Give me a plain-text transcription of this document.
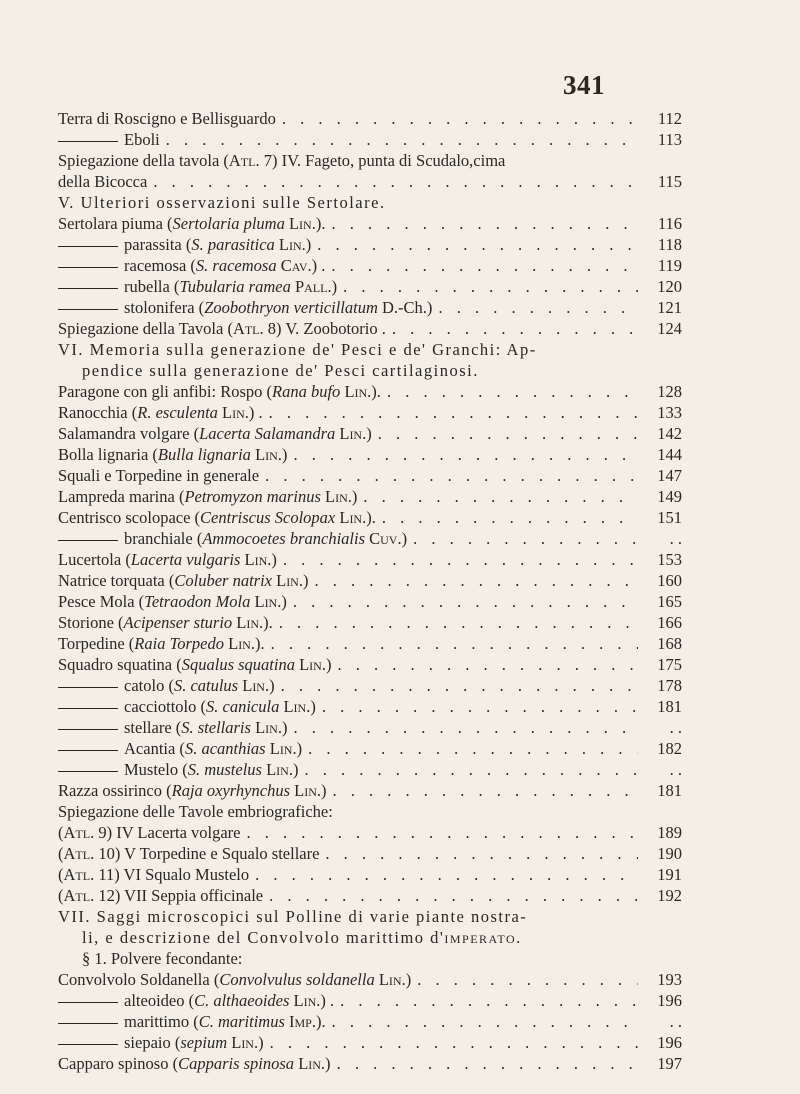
341
Terra di Roscigno e Bellisguardo . . .	112
Eboli . . .	113
Spiegazione della tavola (Atl. 7) IV. Fageto, punta di Scudalo,cima
della Bicocca . . .	115
V. Ulteriori osservazioni sulle Sertolare.
Sertolara piuma (Sertolaria pluma Lin.). . . .	116
parassita (S. parasitica Lin.) . . .	118
racemosa (S. racemosa Cav.) . . . .	119
rubella (Tubularia ramea Pall.) . . .	120
stolonifera (Zoobothryon verticillatum D.-Ch.) . . .	121
Spiegazione della Tavola (Atl. 8) V. Zoobotorio . . . .	124
VI. Memoria sulla generazione de' Pesci e de' Granchi: Ap-
pendice sulla generazione de' Pesci cartilaginosi.
Paragone con gli anfibi: Rospo (Rana bufo Lin.). . . .	128
Ranocchia (R. esculenta Lin.) . . . .	133
Salamandra volgare (Lacerta Salamandra Lin.) . . .	142
Bolla lignaria (Bulla lignaria Lin.) . . .	144
Squali e Torpedine in generale . . .	147
Lampreda marina (Petromyzon marinus Lin.) . . .	149
Centrisco scolopace (Centriscus Scolopax Lin.). . . .	151
branchiale (Ammocoetes branchialis Cuv.) . . .	. .
Lucertola (Lacerta vulgaris Lin.) . . .	153
Natrice torquata (Coluber natrix Lin.) . . .	160
Pesce Mola (Tetraodon Mola Lin.) . . .	165
Storione (Acipenser sturio Lin.). . . .	166
Torpedine (Raia Torpedo Lin.). . . .	168
Squadro squatina (Squalus squatina Lin.) . . .	175
catolo (S. catulus Lin.) . . .	178
cacciottolo (S. canicula Lin.) . . .	181
stellare (S. stellaris Lin.) . . .	. .
Acantia (S. acanthias Lin.) . . .	182
Mustelo (S. mustelus Lin.) . . .	. .
Razza ossirinco (Raja oxyrhynchus Lin.) . . .	181
Spiegazione delle Tavole embriografiche:
(Atl. 9) IV Lacerta volgare . . .	189
(Atl. 10) V Torpedine e Squalo stellare . . .	190
(Atl. 11) VI Squalo Mustelo . . .	191
(Atl. 12) VII Seppia officinale . . .	192
VII. Saggi microscopici sul Polline di varie piante nostra-
li, e descrizione del Convolvolo marittimo d'imperato.
§ 1. Polvere fecondante:
Convolvolo Soldanella (Convolvulus soldanella Lin.) . . .	193
alteoideo (C. althaeoides Lin.) . . . .	196
marittimo (C. maritimus Imp.). . . .	. .
siepaio (sepium Lin.) . . .	196
Capparo spinoso (Capparis spinosa Lin.) . . .	197
